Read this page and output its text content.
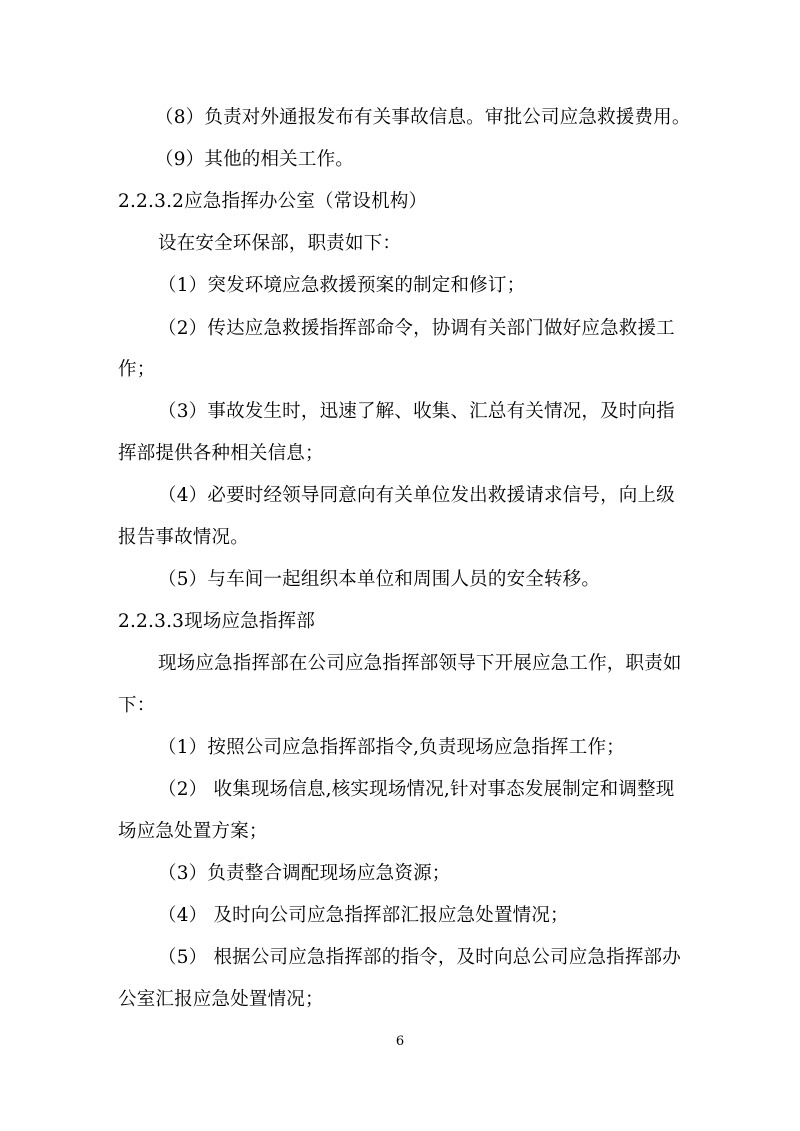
（8）负责对外通报发布有关事故信息。审批公司应急救援费用。
（9）其他的相关工作。
2.2.3.2应急指挥办公室（常设机构）
设在安全环保部，职责如下：
（1）突发环境应急救援预案的制定和修订；
（2）传达应急救援指挥部命令，协调有关部门做好应急救援工
作；
（3）事故发生时，迅速了解、收集、汇总有关情况，及时向指
挥部提供各种相关信息；
（4）必要时经领导同意向有关单位发出救援请求信号，向上级
报告事故情况。
（5）与车间一起组织本单位和周围人员的安全转移。
2.2.3.3现场应急指挥部
现场应急指挥部在公司应急指挥部领导下开展应急工作，职责如
下：
（1）按照公司应急指挥部指令,负责现场应急指挥工作；
（2） 收集现场信息,核实现场情况,针对事态发展制定和调整现
场应急处置方案；
（3）负责整合调配现场应急资源；
（4） 及时向公司应急指挥部汇报应急处置情况；
（5） 根据公司应急指挥部的指令，及时向总公司应急指挥部办
公室汇报应急处置情况；
6
